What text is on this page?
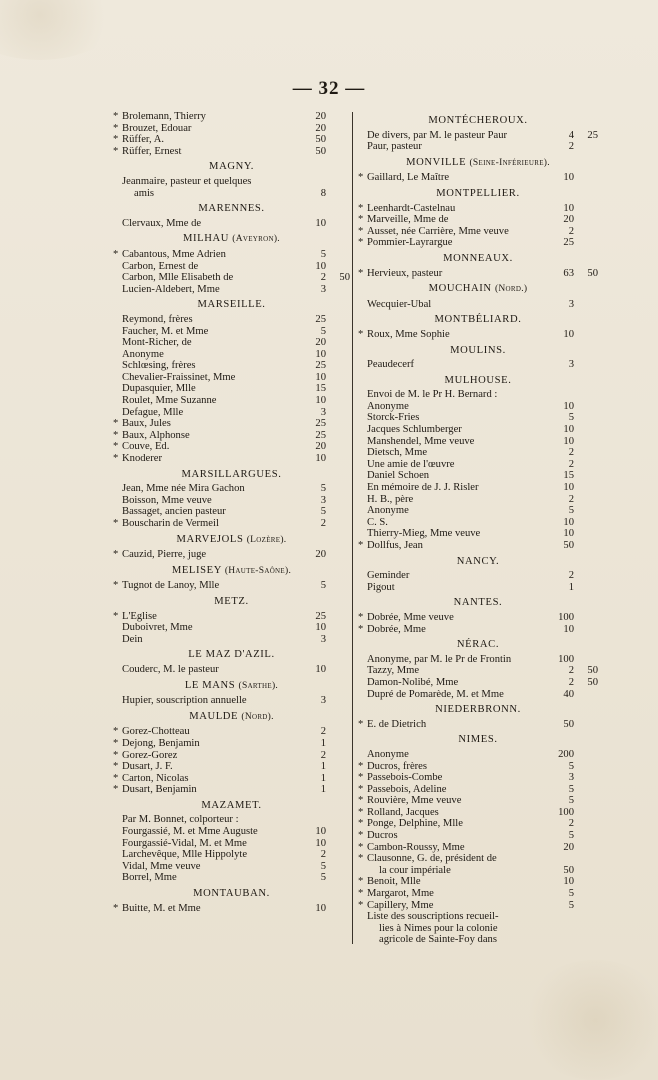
— 32 —
* Brolemann, Thierry	20
* Brouzet, Edouar	20
* Rüffer, A.	50
* Rüffer, Ernest	50
MAGNY.
Jeanmaire, pasteur et quelques
amis	8
MARENNES.
Clervaux, Mme de	10
MILHAU (Aveyron).
* Cabantous, Mme Adrien	5
Carbon, Ernest de	10
Carbon, Mlle Elisabeth de	2	50
Lucien-Aldebert, Mme	3
MARSEILLE.
Reymond, frères	25
Faucher, M. et Mme	5
Mont-Richer, de	20
Anonyme	10
Schlœsing, frères	25
Chevalier-Fraissinet, Mme	10
Dupasquier, Mlle	15
Roulet, Mme Suzanne	10
Defague, Mlle	3
* Baux, Jules	25
* Baux, Alphonse	25
* Couve, Ed.	20
* Knoderer	10
MARSILLARGUES.
Jean, Mme née Mira Gachon	5
Boisson, Mme veuve	3
Bassaget, ancien pasteur	5
* Bouscharin de Vermeil	2
MARVEJOLS (Lozère).
* Cauzid, Pierre, juge	20
MELISEY (Haute-Saône).
* Tugnot de Lanoy, Mlle	5
METZ.
* L'Eglise	25
Duboivret, Mme	10
Dein	3
LE MAZ D'AZIL.
Couderc, M. le pasteur	10
LE MANS (Sarthe).
Hupier, souscription annuelle	3
MAULDE (Nord).
* Gorez-Chotteau	2
* Dejong, Benjamin	1
* Gorez-Gorez	2
* Dusart, J. F.	1
* Carton, Nicolas	1
* Dusart, Benjamin	1
MAZAMET.
Par M. Bonnet, colporteur :
Fourgassié, M. et Mme Auguste	10
Fourgassié-Vidal, M. et Mme	10
Larchevêque, Mlle Hippolyte	2
Vidal, Mme veuve	5
Borrel, Mme	5
MONTAUBAN.
* Buitte, M. et Mme	10
MONTÉCHEROUX.
De divers, par M. le pasteur Paur	4	25
Paur, pasteur	2
MONVILLE (Seine-Inférieure).
* Gaillard, Le Maître	10
MONTPELLIER.
* Leenhardt-Castelnau	10
* Marveille, Mme de	20
* Ausset, née Carrière, Mme veuve	2
* Pommier-Layrargue	25
MONNEAUX.
* Hervieux, pasteur	63	50
MOUCHAIN (Nord.)
Wecquier-Ubal	3
MONTBÉLIARD.
* Roux, Mme Sophie	10
MOULINS.
Peaudecerf	3
MULHOUSE.
Envoi de M. le Pr H. Bernard :
Anonyme	10
Storck-Fries	5
Jacques Schlumberger	10
Manshendel, Mme veuve	10
Dietsch, Mme	2
Une amie de l'œuvre	2
Daniel Schoen	15
En mémoire de J. J. Risler	10
H. B., père	2
Anonyme	5
C. S.	10
Thierry-Mieg, Mme veuve	10
* Dollfus, Jean	50
NANCY.
Geminder	2
Pigout	1
NANTES.
* Dobrée, Mme veuve	100
* Dobrée, Mme	10
NÉRAC.
Anonyme, par M. le Pr de Frontin	100
Tazzy, Mme	2	50
Damon-Nolibé, Mme	2	50
Dupré de Pomarède, M. et Mme	40
NIEDERBRONN.
* E. de Dietrich	50
NIMES.
Anonyme	200
* Ducros, frères	5
* Passebois-Combe	3
* Passebois, Adeline	5
* Rouvière, Mme veuve	5
* Rolland, Jacques	100
* Ponge, Delphine, Mlle	2
* Ducros	5
* Cambon-Roussy, Mme	20
* Clausonne, G. de, président de
la cour impériale	50
* Benoit, Mlle	10
* Margarot, Mme	5
* Capillery, Mme	5
Liste des souscriptions recueil-
lies à Nimes pour la colonie
agricole de Sainte-Foy dans
